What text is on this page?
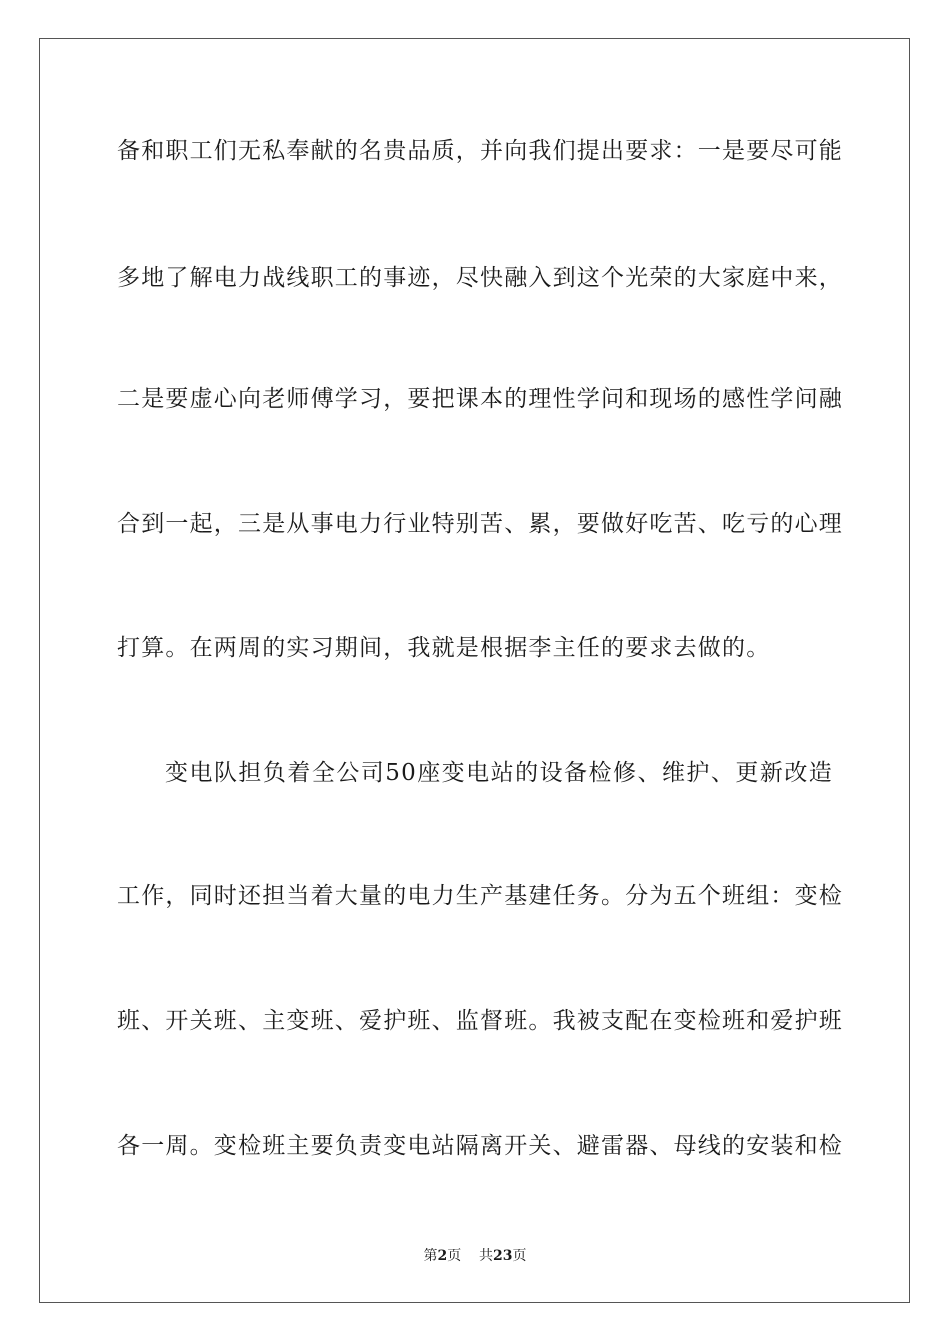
备和职工们无私奉献的名贵品质，并向我们提出要求：一是要尽可能
多地了解电力战线职工的事迹，尽快融入到这个光荣的大家庭中来，
二是要虚心向老师傅学习，要把课本的理性学问和现场的感性学问融
合到一起，三是从事电力行业特别苦、累，要做好吃苦、吃亏的心理
打算。在两周的实习期间，我就是根据李主任的要求去做的。
变电队担负着全公司50座变电站的设备检修、维护、更新改造
工作，同时还担当着大量的电力生产基建任务。分为五个班组：变检
班、开关班、主变班、爱护班、监督班。我被支配在变检班和爱护班
各一周。变检班主要负责变电站隔离开关、避雷器、母线的安装和检
第2页 共23页
